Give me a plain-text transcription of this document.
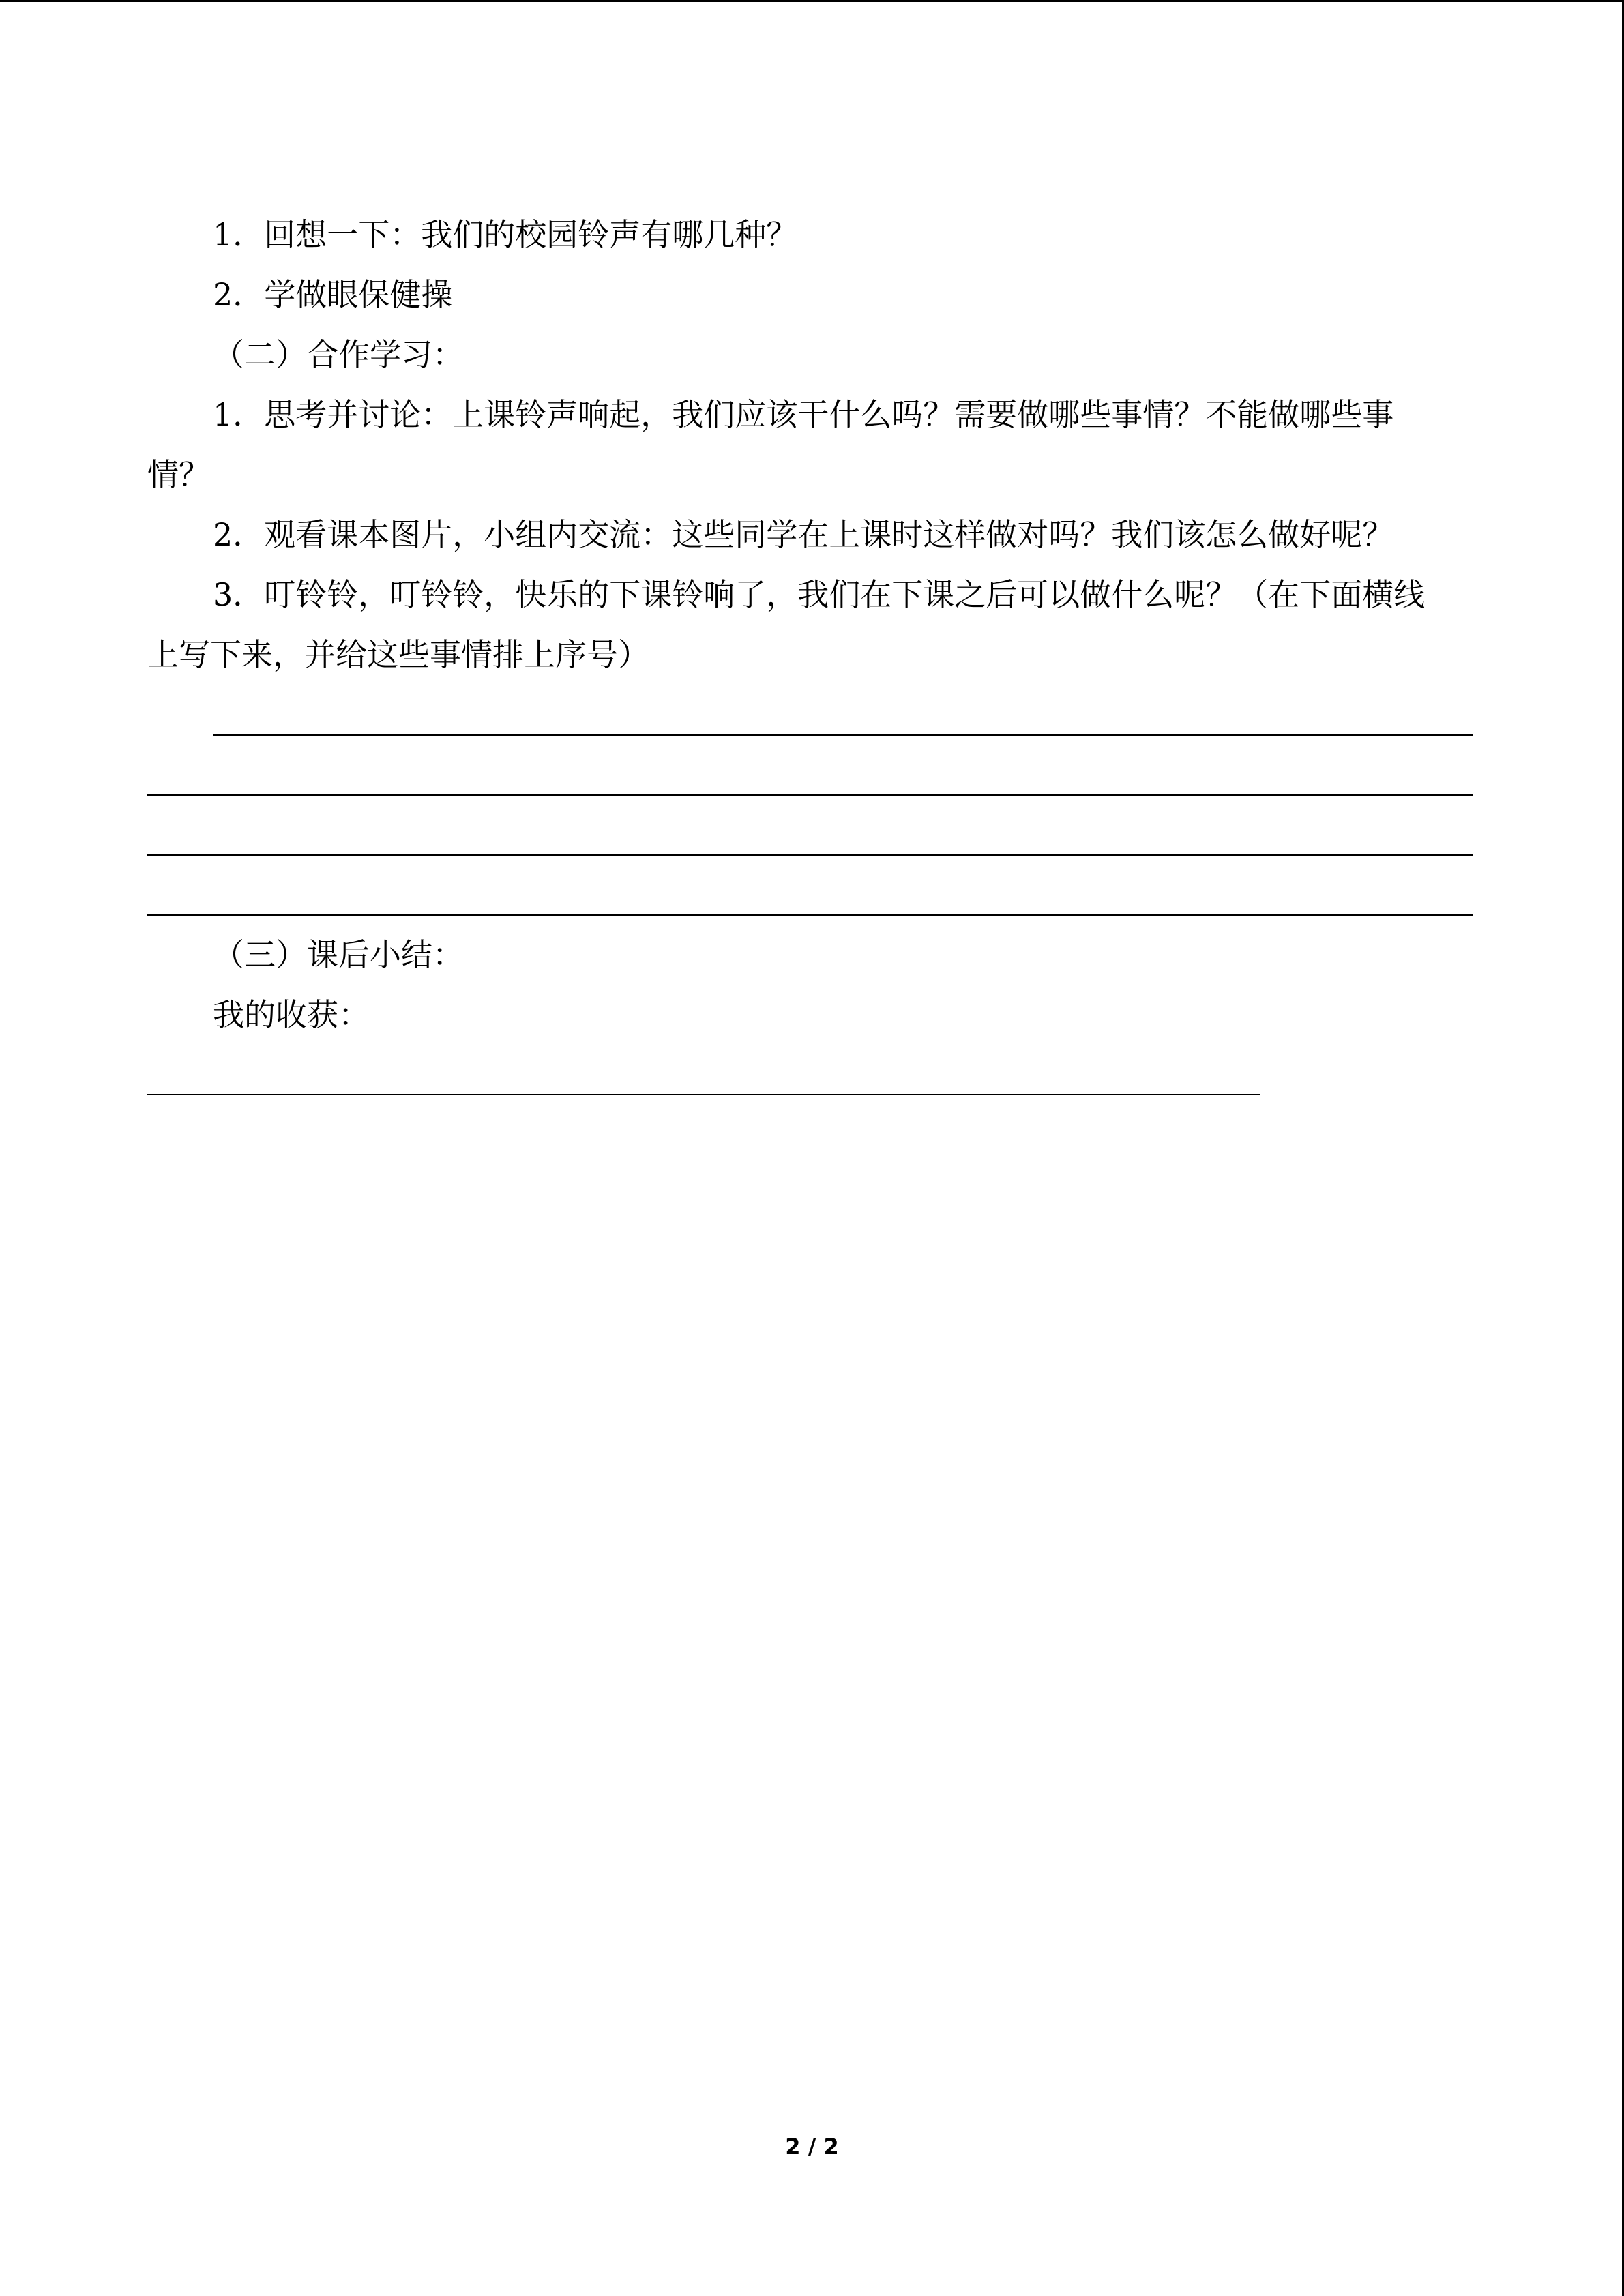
1．回想一下：我们的校园铃声有哪几种？
2．学做眼保健操
（二）合作学习：
1．思考并讨论：上课铃声响起，我们应该干什么吗？需要做哪些事情？不能做哪些事
情？
2．观看课本图片，小组内交流：这些同学在上课时这样做对吗？我们该怎么做好呢？
3．叮铃铃，叮铃铃，快乐的下课铃响了，我们在下课之后可以做什么呢？（在下面横线
上写下来，并给这些事情排上序号）
（三）课后小结：
我的收获：
2 / 2
